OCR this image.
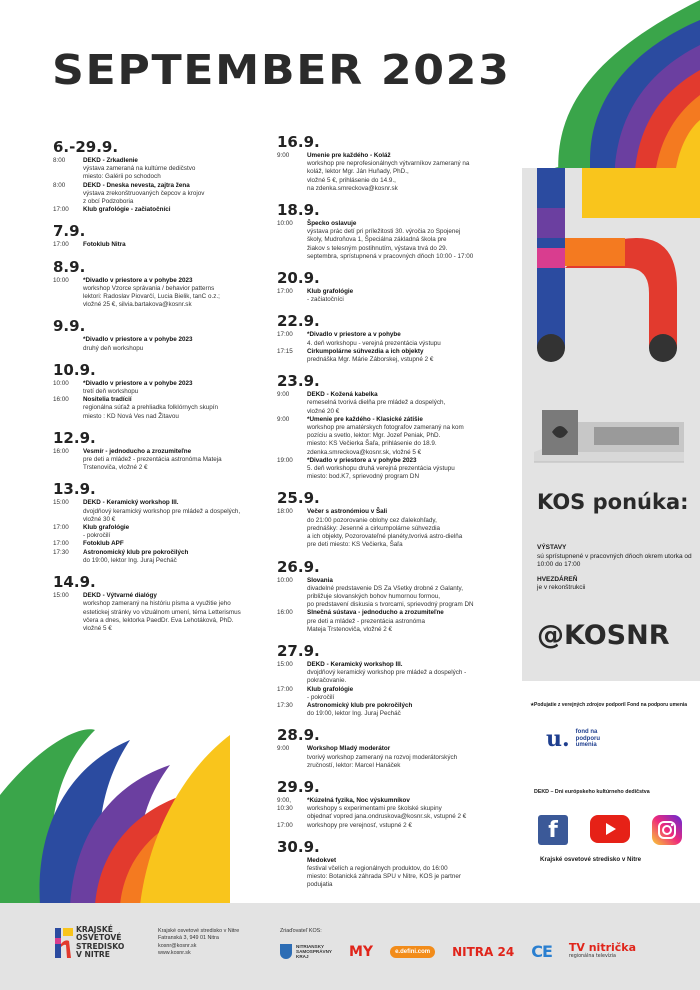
SEPTEMBER 2023
6.-29.9.
8:00	DEKD - Zrkadlenie
výstava zameraná na kultúrne dedičstvo
miesto: Galérii po schodoch
8:00	DEKD - Dneska nevesta, zajtra žena
výstava zrekonštruovaných čepcov a krojov
z obcí Podzoboria
17:00	Klub grafológie - začiatočníci
7.9.
17:00	Fotoklub Nitra
8.9.
10:00	*Divadlo v priestore a v pohybe 2023
workshop Vzorce správania / behavior patterns
lektori: Radoslav Piovarčí, Lucia Bielik, tanC o.z.;
vložné 25 €, silvia.bartakova@kosnr.sk
9.9.
*Divadlo v priestore a v pohybe 2023
druhý deň workshopu
10.9.
10:00	*Divadlo v priestore a v pohybe 2023
tretí deň workshopu
16:00	Nositelia tradícií
regionálna súťaž a prehliadka folklórnych skupín
miesto : KD Nová Ves nad Žitavou
12.9.
16:00	Vesmír - jednoducho a zrozumiteľne
pre deti a mládež - prezentácia astronóma Mateja
Trstenoviča, vložné 2 €
13.9.
15:00	DEKD - Keramický workshop III.
dvojdňový keramický workshop pre mládež a dospelých,
vložné 30 €
17:00	Klub grafológie
- pokročilí
17:00	Fotoklub APF
17:30	Astronomický klub pre pokročilých
do 19:00, lektor Ing. Juraj Pecháč
14.9.
15:00	DEKD - Výtvarné dialógy
workshop zameraný na históriu písma a využitie jeho
estetickej stránky vo vizuálnom umení, téma Letterismus
včera a dnes, lektorka PaedDr. Eva Lehotáková, PhD.
vložné 5 €
16.9.
9:00	Umenie pre každého - Koláž
workshop pre neprofesionálnych výtvarníkov zameraný na
koláž, lektor Mgr. Ján Huňady, PhD.,
vložné 5 €, prihlásenie do 14.9.,
na zdenka.smreckova@kosnr.sk
18.9.
10:00	Špecko oslavuje
výstava prác detí pri príležitosti 30. výročia zo Spojenej
školy, Mudroňova 1, Špeciálna základná škola pre
žiakov s telesným postihnutím, výstava trvá do 29.
septembra, sprístupnená v pracovných dňoch 10:00 - 17:00
20.9.
17:00	Klub grafológie
- začiatočníci
22.9.
17:00	*Divadlo v priestore a v pohybe
4. deň workshopu - verejná prezentácia výstupu
17:15	Cirkumpolárne súhvezdia a ich objekty
prednáška Mgr. Márie Záborskej, vstupné 2 €
23.9.
9:00	DEKD - Kožená kabelka
remeselná tvorivá dielňa pre mládež a dospelých,
vložné 20 €
9:00	*Umenie pre každého - Klasické zátišie
workshop pre amatérskych fotografov zameraný na kom
pozíciu a svetlo, lektor: Mgr. Jozef Peniak, PhD.
miesto: KS Večierka Šaľa, prihlásenie do 18.9.
zdenka.smreckova@kosnr.sk, vložné 5 €
19:00	*Divadlo v priestore a v pohybe 2023
5. deň workshopu druhá verejná prezentácia výstupu
miesto: bod.K7, sprievodný program DN
25.9.
18:00	Večer s astronómiou v Šali
do 21:00 pozorovanie oblohy cez ďalekohľady,
prednášky: Jesenné a cirkumpolárne súhvezdia
a ich objekty, Pozorovateľné planéty,tvorivá astro-dielňa
pre deti miesto: KS Večierka, Šaľa
26.9.
10:00	Slovania
divadelné predstavenie DS Za Všetky drobné z Galanty,
približuje slovanských bohov humornou formou,
po predstavení diskusia s tvorcami, sprievodný program DN
16:00	Slnečná sústava - jednoducho a zrozumiteľne
pre deti a mládež - prezentácia astronóma
Mateja Trstenoviča, vložné 2 €
27.9.
15:00	DEKD - Keramický workshop III.
dvojdňový keramický workshop pre mládež a dospelých -
pokračovanie.
17:00	Klub grafológie
- pokročilí
17:30	Astronomický klub pre pokročilých
do 19:00, lektor Ing. Juraj Pecháč
28.9.
9:00	Workshop Mladý moderátor
tvorivý workshop zameraný na rozvoj moderátorských
zručností, lektor: Marcel Hanáček
29.9.
9:00, 10:30
*Kúzelná fyzika, Noc výskumníkov
workshopy s experimentami pre školské skupiny
objednať vopred jana.ondruskova@kosnr.sk, vstupné 2 €
17:00	workshopy pre verejnosť, vstupné 2 €
30.9.
Medokvet
festival včelích a regionálnych produktov, do 16:00
miesto: Botanická záhrada SPU v Nitre, KOS je partner
podujatia
KOS ponúka:

VÝSTAVY
sú sprístupnené v pracovných dňoch okrem utorka od 10:00 do 17:00

HVEZDÁREŇ
je v rekonštrukcii

@KOSNR
★ Podujatie z verejných zdrojov podporil Fond na podporu umenia
u. fond na podporu umenia
DEKD – Dni európskeho kultúrneho dedičstva
f
Krajské osvetové stredisko v Nitre
KRAJSKÉ
OSVETOVÉ
STREDISKO
V NITRE
Krajské osvetové stredisko v Nitre
Fatranská 3, 949 01 Nitra
kosnr@kosnr.sk
www.kosnr.sk
Zriaďovateľ KOS:
NITRIANSKY
SAMOSPRÁVNY
KRAJ	MY	e.defini.com	NITRA 24 CE TV nitrička
regionálna televízia
